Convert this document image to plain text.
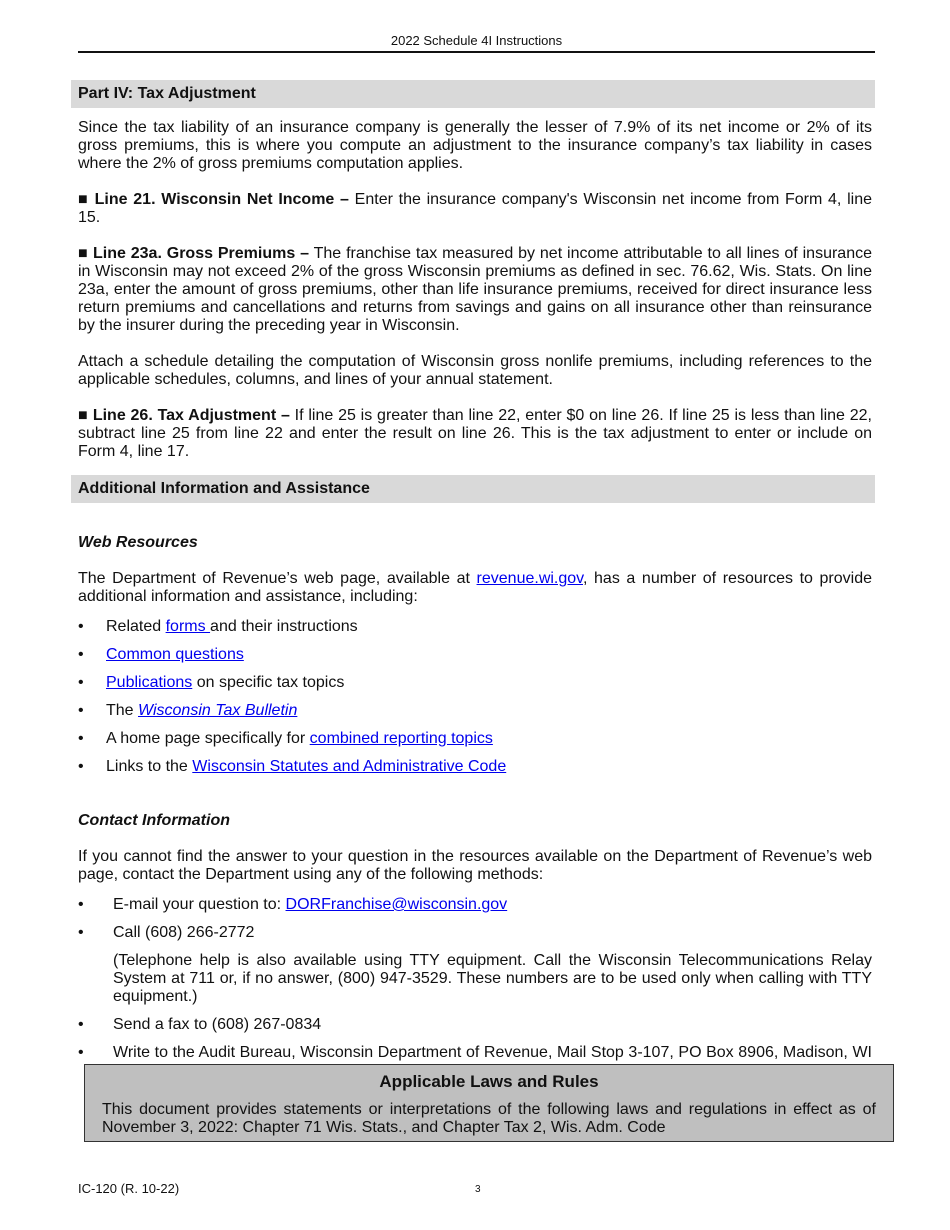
2022 Schedule 4I Instructions
Part IV: Tax Adjustment

Since the tax liability of an insurance company is generally the lesser of 7.9% of its net income or 2% of its gross premiums, this is where you compute an adjustment to the insurance company’s tax liability in cases where the 2% of gross premiums computation applies.

■ Line 21. Wisconsin Net Income – Enter the insurance company's Wisconsin net income from Form 4, line 15.

■ Line 23a. Gross Premiums – The franchise tax measured by net income attributable to all lines of insurance in Wisconsin may not exceed 2% of the gross Wisconsin premiums as defined in sec. 76.62, Wis. Stats. On line 23a, enter the amount of gross premiums, other than life insurance premiums, received for direct insurance less return premiums and cancellations and returns from savings and gains on all insurance other than reinsurance by the insurer during the preceding year in Wisconsin.

Attach a schedule detailing the computation of Wisconsin gross nonlife premiums, including references to the applicable schedules, columns, and lines of your annual statement.

■ Line 26. Tax Adjustment – If line 25 is greater than line 22, enter $0 on line 26. If line 25 is less than line 22, subtract line 25 from line 22 and enter the result on line 26. This is the tax adjustment to enter or include on Form 4, line 17.

Additional Information and Assistance
Web Resources

The Department of Revenue’s web page, available at revenue.wi.gov, has a number of resources to provide additional information and assistance, including:

• Related forms and their instructions
• Common questions
• Publications on specific tax topics
• The Wisconsin Tax Bulletin
• A home page specifically for combined reporting topics
• Links to the Wisconsin Statutes and Administrative Code
Contact Information

If you cannot find the answer to your question in the resources available on the Department of Revenue’s web page, contact the Department using any of the following methods:

• E-mail your question to: DORFranchise@wisconsin.gov
• Call (608) 266-2772

(Telephone help is also available using TTY equipment. Call the Wisconsin Telecommunications Relay System at 711 or, if no answer, (800) 947-3529. These numbers are to be used only when calling with TTY equipment.)

• Send a fax to (608) 267-0834

• Write to the Audit Bureau, Wisconsin Department of Revenue, Mail Stop 3-107, PO Box 8906, Madison, WI

Applicable Laws and Rules
This document provides statements or interpretations of the following laws and regulations in effect as of November 3, 2022: Chapter 71 Wis. Stats., and Chapter Tax 2, Wis. Adm. Code
IC-120 (R. 10-22)	3
